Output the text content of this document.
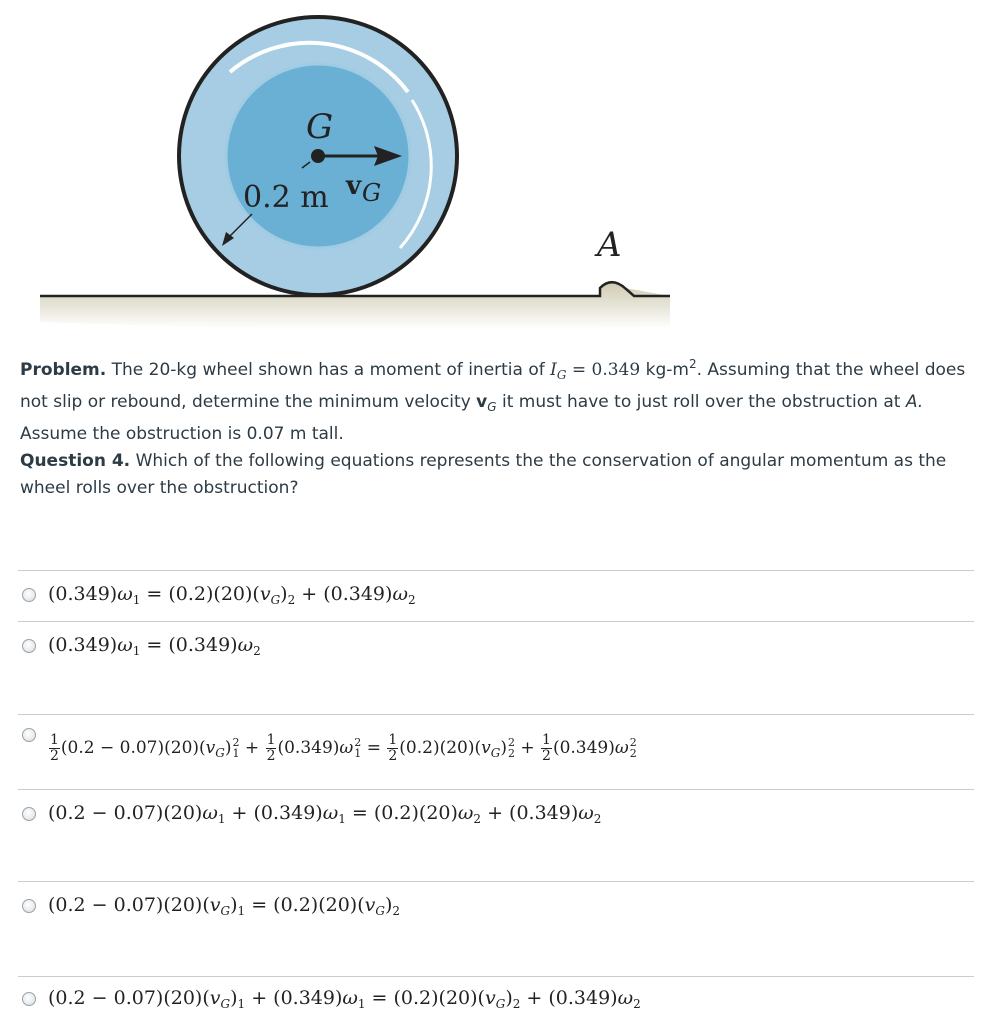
G
0.2 m v G
A
Problem. The 20-kg wheel shown has a moment of inertia of $I_G = 0.349$ $kg-m^2$. Assuming that the wheel does not slip or rebound, determine the minimum velocity $v_G$ it must have to just roll over the obstruction at A. Assume the obstruction is 0.07 m tall.
Question 4. Which of the following equations represents the the conservation of angular momentum as the wheel rolls over the obstruction?
$(0.349)\omega_1 = (0.2)(20)(v_G)_2 + (0.349)\omega_2$
$(0.349)\omega_1 = (0.349)\omega_2$
$\frac{1}{2} (0.2 - 0.07)(20)(v_G)$ 2
$1 + \frac{1}{2} (0.349)\omega$ 2
$1 = \frac{1}{2} (0.2)(20)(v_G)$ 2
$2 + \frac{1}{2} (0.349)\omega$ 2
2
$(0.2 - 0.07)(20)\omega_1 + (0.349)\omega_1 = (0.2)(20)\omega_2 + (0.349)\omega_2$
$(0.2 - 0.07)(20)(v_G)_1 = (0.2)(20)(v_G)_2$
$(0.2 - 0.07)(20)(v_G)_1 + (0.349)\omega_1 = (0.2)(20)(v_G)_2 + (0.349)\omega_2$
